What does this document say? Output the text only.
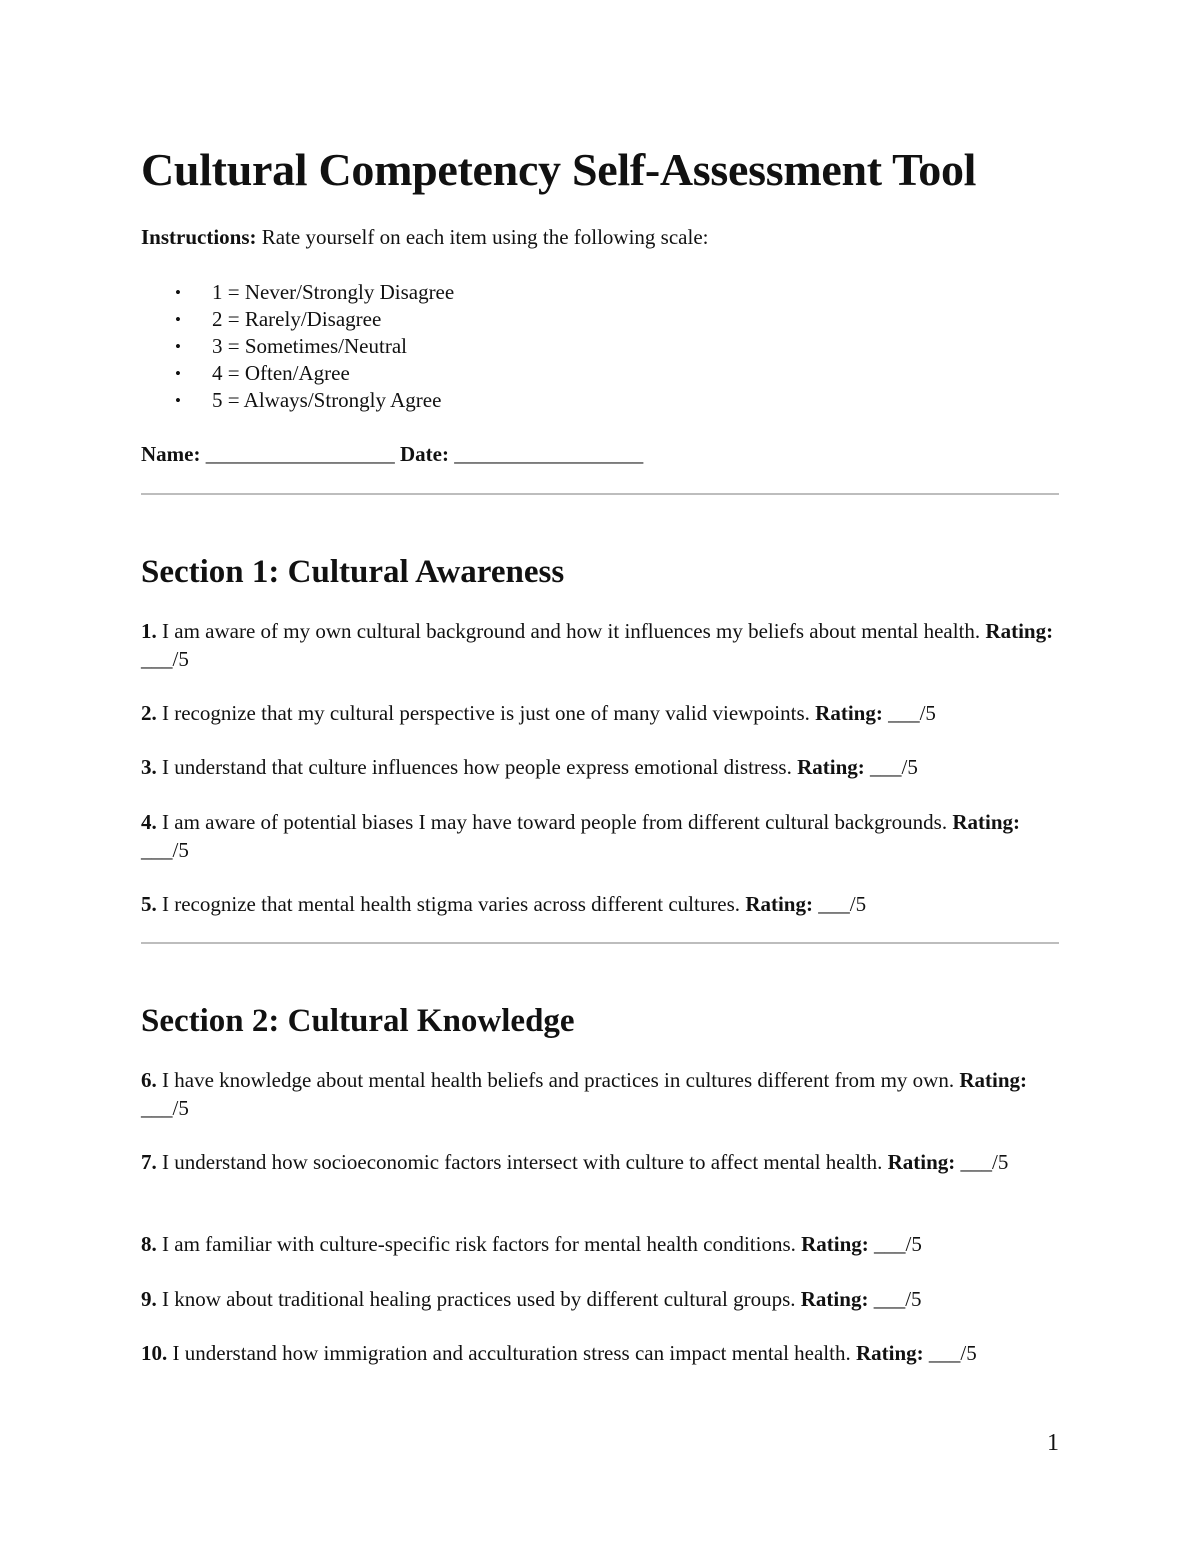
Cultural Competency Self-Assessment Tool

Instructions: Rate yourself on each item using the following scale:

• 1 = Never/Strongly Disagree
• 2 = Rarely/Disagree
• 3 = Sometimes/Neutral
• 4 = Often/Agree
• 5 = Always/Strongly Agree

Name: __________________ Date: __________________

Section 1: Cultural Awareness

1. I am aware of my own cultural background and how it influences my beliefs about mental health. Rating: ___/5

2. I recognize that my cultural perspective is just one of many valid viewpoints. Rating: ___/5

3. I understand that culture influences how people express emotional distress. Rating: ___/5

4. I am aware of potential biases I may have toward people from different cultural backgrounds. Rating: ___/5

5. I recognize that mental health stigma varies across different cultures. Rating: ___/5

Section 2: Cultural Knowledge

6. I have knowledge about mental health beliefs and practices in cultures different from my own. Rating: ___/5

7. I understand how socioeconomic factors intersect with culture to affect mental health. Rating: ___/5

8. I am familiar with culture-specific risk factors for mental health conditions. Rating: ___/5

9. I know about traditional healing practices used by different cultural groups. Rating: ___/5

10. I understand how immigration and acculturation stress can impact mental health. Rating: ___/5

1
